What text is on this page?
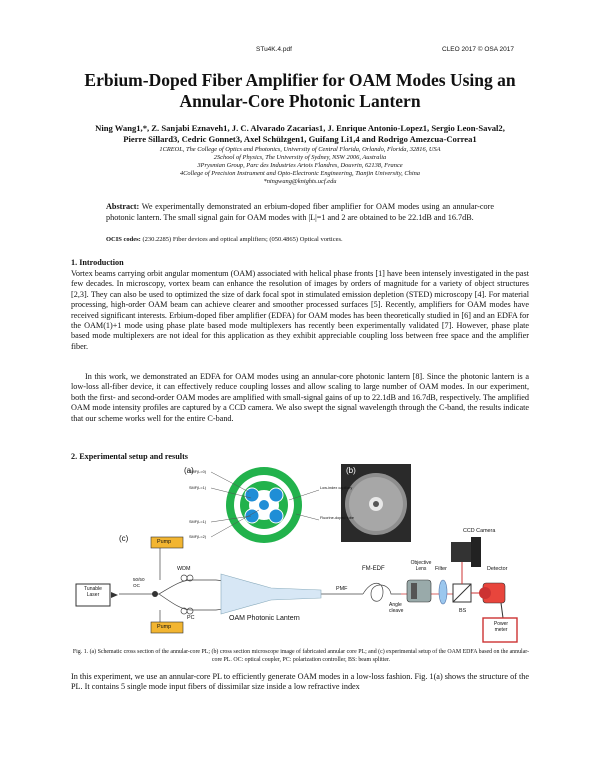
STu4K.4.pdf	CLEO 2017 © OSA 2017
Erbium-Doped Fiber Amplifier for OAM Modes Using an
Annular-Core Photonic Lantern
Ning Wang1,*, Z. Sanjabi Eznaveh1, J. C. Alvarado Zacarias1, J. Enrique Antonio-Lopez1, Sergio Leon-Saval2,
Pierre Sillard3, Cedric Gonnet3, Axel Schülzgen1, Guifang Li1,4 and Rodrigo Amezcua-Correa1
1CREOL, The College of Optics and Photonics, University of Central Florida, Orlando, Florida, 32816, USA
2School of Physics, The University of Sydney, NSW 2006, Australia
3Prysmian Group, Parc des Industries Artois Flandres, Douvrin, 62138, France
4College of Precision Instrument and Opto-Electronic Engineering, Tianjin University, China
*ningwang@knights.ucf.edu
Abstract: We experimentally demonstrated an erbium-doped fiber amplifier for OAM modes using an annular-core photonic lantern. The small signal gain for OAM modes with |L|=1 and 2 are obtained to be 22.1dB and 16.7dB.
OCIS codes: (230.2285) Fiber devices and optical amplifiers; (050.4865) Optical vortices.
1. Introduction
Vortex beams carrying orbit angular momentum (OAM) associated with helical phase fronts [1] have been intensely investigated in the past few decades. In microscopy, vortex beam can enhance the resolution of images by orders of magnitude for a variety of object structures [2,3]. They can also be used to optimized the size of dark focal spot in stimulated emission depletion (STED) microscopy [4]. For material processing, high-order OAM beam can achieve clearer and smoother processed surfaces [5]. Recently, amplifiers for OAM modes have received significant interests. Erbium-doped fiber amplifier (EDFA) for OAM modes has been theoretically studied in [6] and an EDFA for the OAM(1)+1 mode using phase plate based mode multiplexers has recently been experimentally validated [7]. However, phase plate based mode multiplexers are not ideal for this application as they exhibit appreciable coupling loss between free space and the amplifier fiber.
In this work, we demonstrated an EDFA for OAM modes using an annular-core photonic lantern [8]. Since the photonic lantern is a low-loss all-fiber device, it can effectively reduce coupling losses and allow scaling to large number of OAM modes. In our experiment, both the first- and second-order OAM modes are amplified with small-signal gains of up to 22.1dB and 16.7dB, respectively. The amplified OAM mode intensity profiles are captured by a CCD camera. We also swept the signal wavelength through the C-band, the results indicate that our scheme works well for the entire C-band.
2. Experimental setup and results
(a)	(b)
(c)
SMF(L=0)
SMF(L=1)
SMF(L=1)
SMF(L=2)
Low-index capillary
Fluorine-doped tube
Pump
Pump
Tunable Laser
50/50 OC
WDM
PC	OAM Photonic Lantern
PMF
FM-EDF
Angle cleave
Objective Lens	Filter
BS
CCD Camera
Detector
Power meter
Fig. 1. (a) Schematic cross section of the annular-core PL; (b) cross section microscope image of fabricated annular core PL; and (c) experimental setup of the OAM EDFA based on the annular-core PL. OC: optical coupler, PC: polarization controller, BS: beam splitter.
In this experiment, we use an annular-core PL to efficiently generate OAM modes in a low-loss fashion. Fig. 1(a) shows the structure of the PL. It contains 5 single mode input fibers of dissimilar size inside a low refractive index
